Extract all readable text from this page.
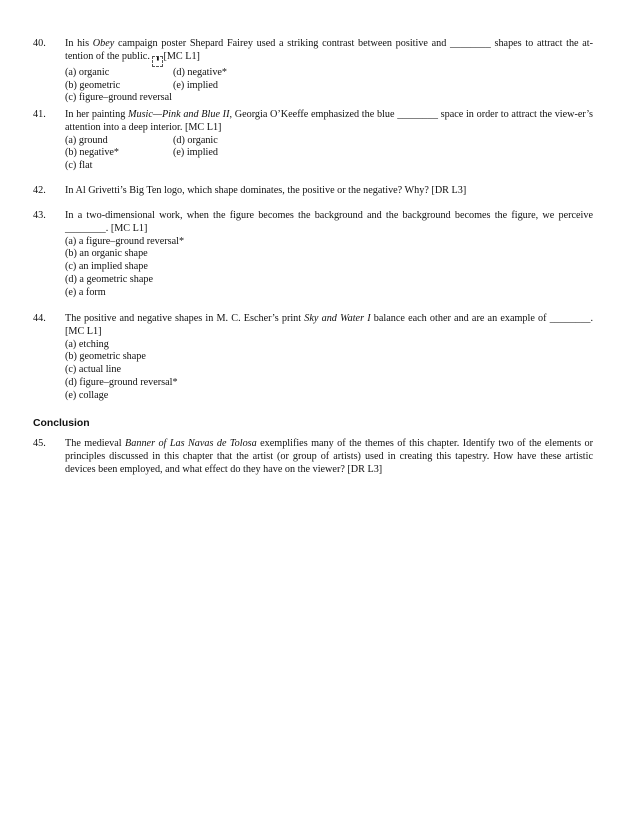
40.	In his Obey campaign poster Shepard Fairey used a striking contrast between positive and ________ shapes to attract the at-tention of the public. ▮ [MC L1]
(a) organic	(d) negative*
(b) geometric	(e) implied
(c) figure–ground reversal
41.	In her painting Music—Pink and Blue II, Georgia O’Keeffe emphasized the blue ________ space in order to attract the view-er’s attention into a deep interior. [MC L1]
(a) ground	(d) organic
(b) negative*	(e) implied
(c) flat
42.	In Al Grivetti’s Big Ten logo, which shape dominates, the positive or the negative? Why? [DR L3]
43.	In a two-dimensional work, when the figure becomes the background and the background becomes the figure, we perceive ________. [MC L1]
(a) a figure–ground reversal*
(b) an organic shape
(c) an implied shape
(d) a geometric shape
(e) a form
44.	The positive and negative shapes in M. C. Escher’s print Sky and Water I balance each other and are an example of ________. [MC L1]
(a) etching
(b) geometric shape
(c) actual line
(d) figure–ground reversal*
(e) collage
Conclusion
45.	The medieval Banner of Las Navas de Tolosa exemplifies many of the themes of this chapter. Identify two of the elements or principles discussed in this chapter that the artist (or group of artists) used in creating this tapestry. How have these artistic devices been employed, and what effect do they have on the viewer? [DR L3]
